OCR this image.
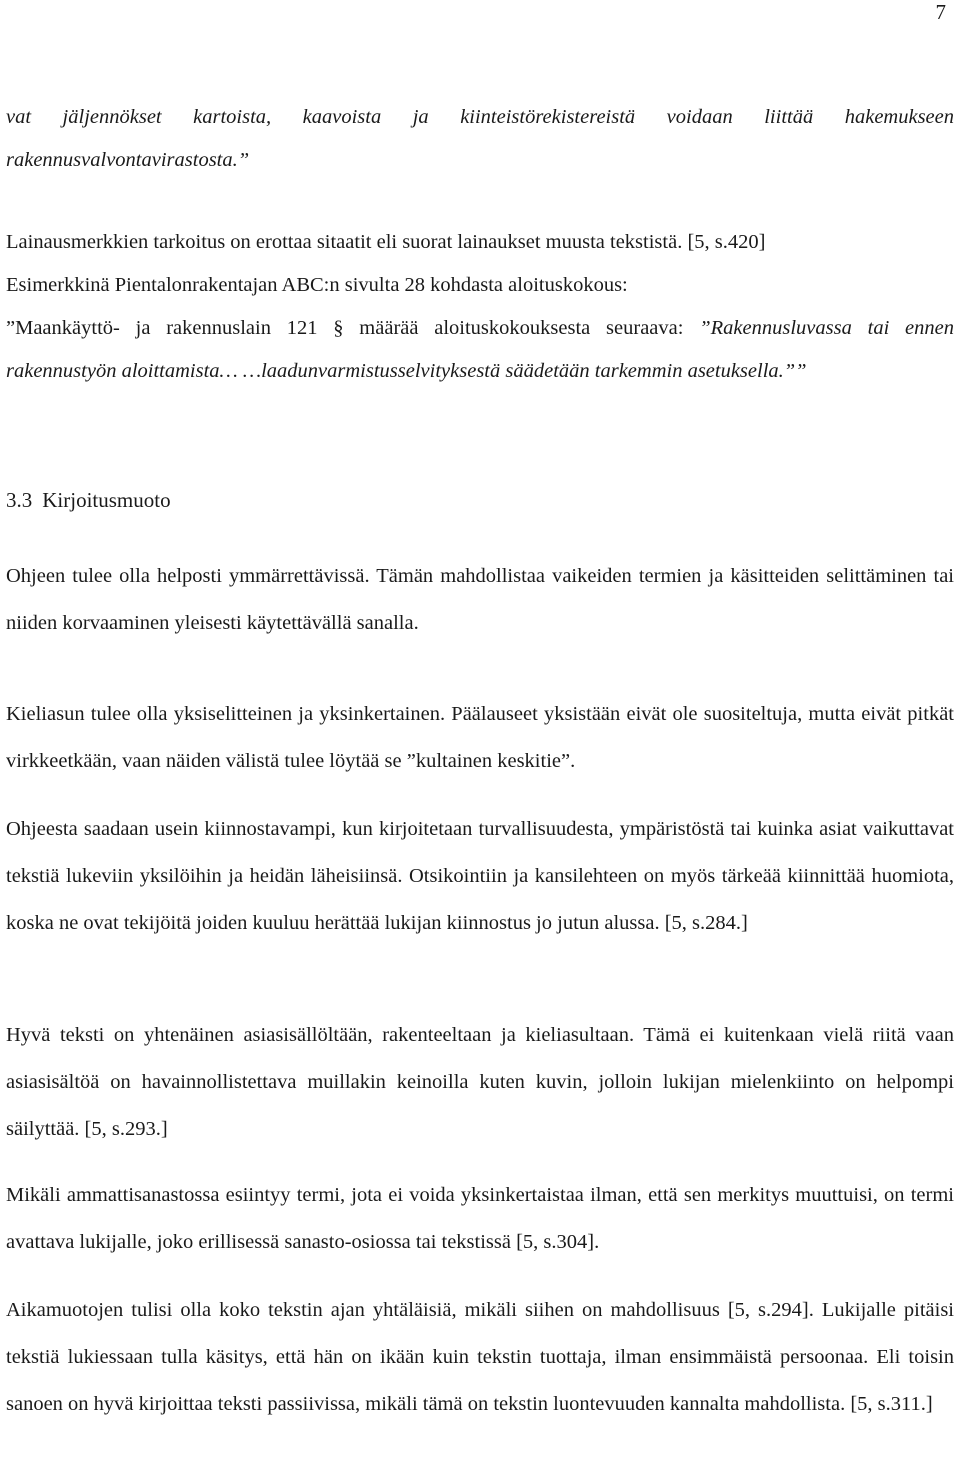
7

vat jäljennökset kartoista, kaavoista ja kiinteistörekistereistä voidaan liittää hakemukseen rakennusvalvontavirastosta.”

Lainausmerkkien tarkoitus on erottaa sitaatit eli suorat lainaukset muusta tekstistä. [5, s.420]

Esimerkkinä Pientalonrakentajan ABC:n sivulta 28 kohdasta aloituskokous:

”Maankäyttö- ja rakennuslain 121 § määrää aloituskokouksesta seuraava: ”Rakennusluvassa tai ennen rakennustyön aloittamista… …laadunvarmistusselvityksestä säädetään tarkemmin asetuksella.””

3.3 Kirjoitusmuoto

Ohjeen tulee olla helposti ymmärrettävissä. Tämän mahdollistaa vaikeiden termien ja käsitteiden selittäminen tai niiden korvaaminen yleisesti käytettävällä sanalla.

Kieliasun tulee olla yksiselitteinen ja yksinkertainen. Päälauseet yksistään eivät ole suositeltuja, mutta eivät pitkät virkkeetkään, vaan näiden välistä tulee löytää se ”kultainen keskitie”.

Ohjeesta saadaan usein kiinnostavampi, kun kirjoitetaan turvallisuudesta, ympäristöstä tai kuinka asiat vaikuttavat tekstiä lukeviin yksilöihin ja heidän läheisiinsä. Otsikointiin ja kansilehteen on myös tärkeää kiinnittää huomiota, koska ne ovat tekijöitä joiden kuuluu herättää lukijan kiinnostus jo jutun alussa. [5, s.284.]

Hyvä teksti on yhtenäinen asiasisällöltään, rakenteeltaan ja kieliasultaan. Tämä ei kuitenkaan vielä riitä vaan asiasisältöä on havainnollistettava muillakin keinoilla kuten kuvin, jolloin lukijan mielenkiinto on helpompi säilyttää. [5, s.293.]

Mikäli ammattisanastossa esiintyy termi, jota ei voida yksinkertaistaa ilman, että sen merkitys muuttuisi, on termi avattava lukijalle, joko erillisessä sanasto-osiossa tai tekstissä [5, s.304].

Aikamuotojen tulisi olla koko tekstin ajan yhtäläisiä, mikäli siihen on mahdollisuus [5, s.294]. Lukijalle pitäisi tekstiä lukiessaan tulla käsitys, että hän on ikään kuin tekstin tuottaja, ilman ensimmäistä persoonaa. Eli toisin sanoen on hyvä kirjoittaa teksti passiivissa, mikäli tämä on tekstin luontevuuden kannalta mahdollista. [5, s.311.]
